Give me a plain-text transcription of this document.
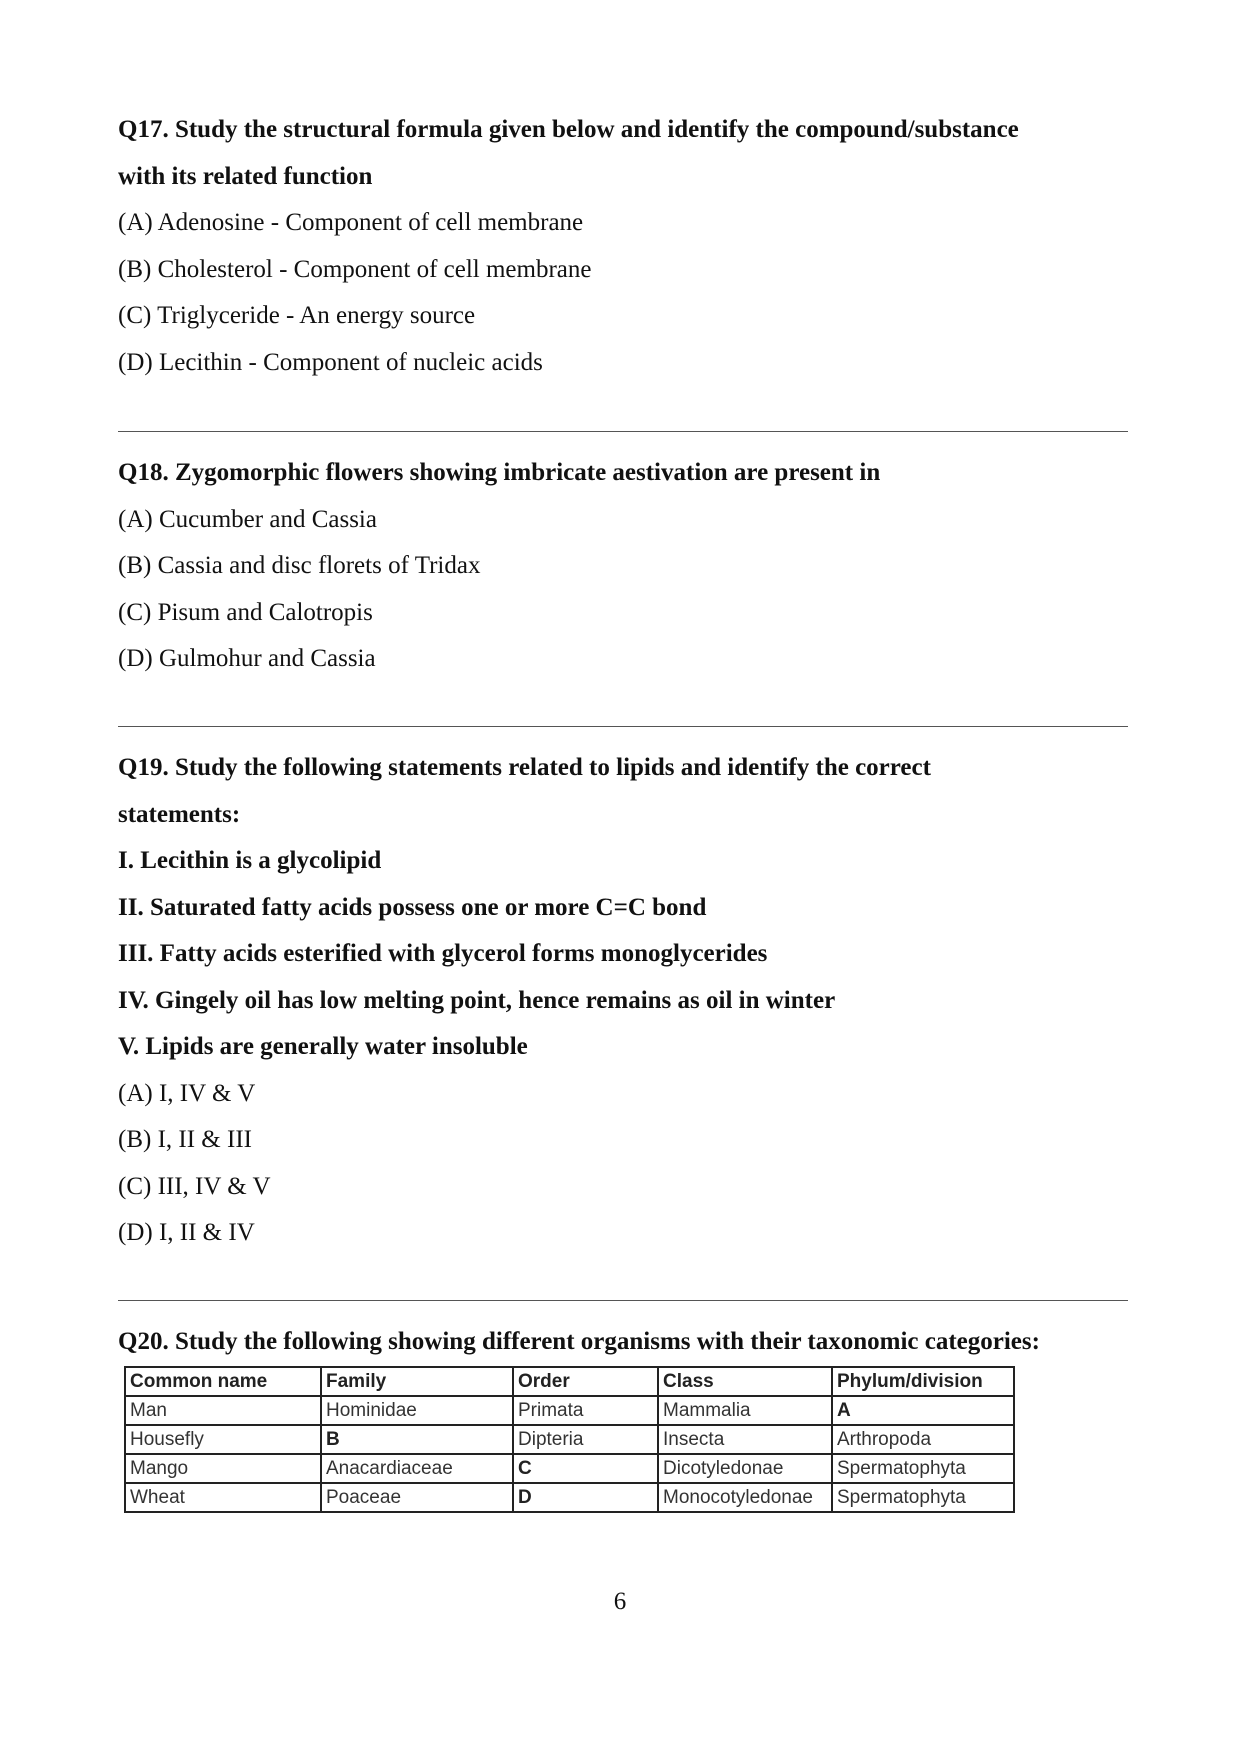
Q17. Study the structural formula given below and identify the compound/substance
with its related function
(A) Adenosine - Component of cell membrane
(B) Cholesterol - Component of cell membrane
(C) Triglyceride - An energy source
(D) Lecithin - Component of nucleic acids
Q18. Zygomorphic flowers showing imbricate aestivation are present in
(A) Cucumber and Cassia
(B) Cassia and disc florets of Tridax
(C) Pisum and Calotropis
(D) Gulmohur and Cassia
Q19. Study the following statements related to lipids and identify the correct
statements:
I. Lecithin is a glycolipid
II. Saturated fatty acids possess one or more C=C bond
III. Fatty acids esterified with glycerol forms monoglycerides
IV. Gingely oil has low melting point, hence remains as oil in winter
V. Lipids are generally water insoluble
(A) I, IV & V
(B) I, II & III
(C) III, IV & V
(D) I, II & IV
Q20. Study the following showing different organisms with their taxonomic categories:
Common name	Family	Order	Class	Phylum/division
Man	Hominidae	Primata	Mammalia	A
Housefly	B	Dipteria	Insecta	Arthropoda
Mango	Anacardiaceae	C	Dicotyledonae	Spermatophyta
Wheat	Poaceae	D	Monocotyledonae	Spermatophyta
6
